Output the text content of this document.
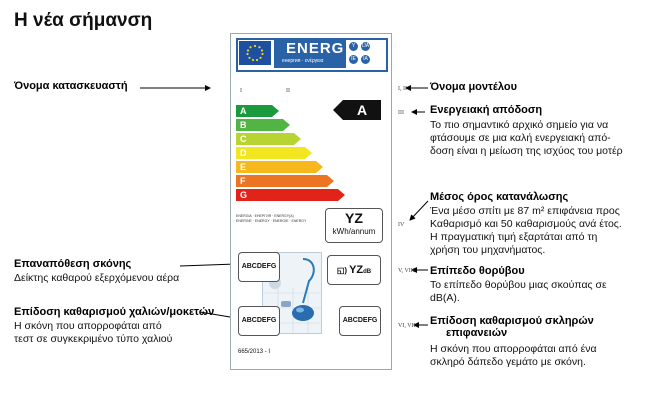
Η νέα σήμανση
Όνομα κατασκευαστή
Επαναπόθεση σκόνης
Δείκτης καθαρού εξερχόμενου αέρα
Επίδοση καθαρισμού χαλιών/μοκετών
Η σκόνη που απορροφάται από
τεστ σε συγκεκριμένο τύπο χαλιού
I, II Όνομα μοντέλου
III Ενεργειακή απόδοση
Το πιο σημαντικό αρχικό σημείο για να
φτάσουμε σε μια καλή ενεργειακή από-
δοση είναι η μείωση της ισχύος του μοτέρ
IV
Μέσος όρος κατανάλωσης
Ένα μέσο σπίτι με 87 m² επιφάνεια προς
Καθαρισμό και 50 καθαρισμούς ανά έτος.
Η πραγματική τιμή εξαρτάται από τη
χρήση του μηχανήματος.
V, VIII Επίπεδο θορύβου
Το επίπεδο θορύβου μιας σκούπας σε
dB(A).
VI, VII Επίδοση καθαρισμού σκληρών
επιφανειών
Η σκόνη που απορροφάται από ένα
σκληρό δάπεδο γεμάτο με σκόνη.
ENERG
енергия · ενέργεια
Y	IJA
IE	IA
I	II
A
B
C
D
E
F
G
A
ENERGIA · ЕНЕРГИЯ · ENERGY(A)
ENERGIE · ENERGY · ENERGIE · ENERGY	YZ
kWh/annum
ABCDEFG	◱) YZdB
ABCDEFG	ABCDEFG
665/2013 - I
